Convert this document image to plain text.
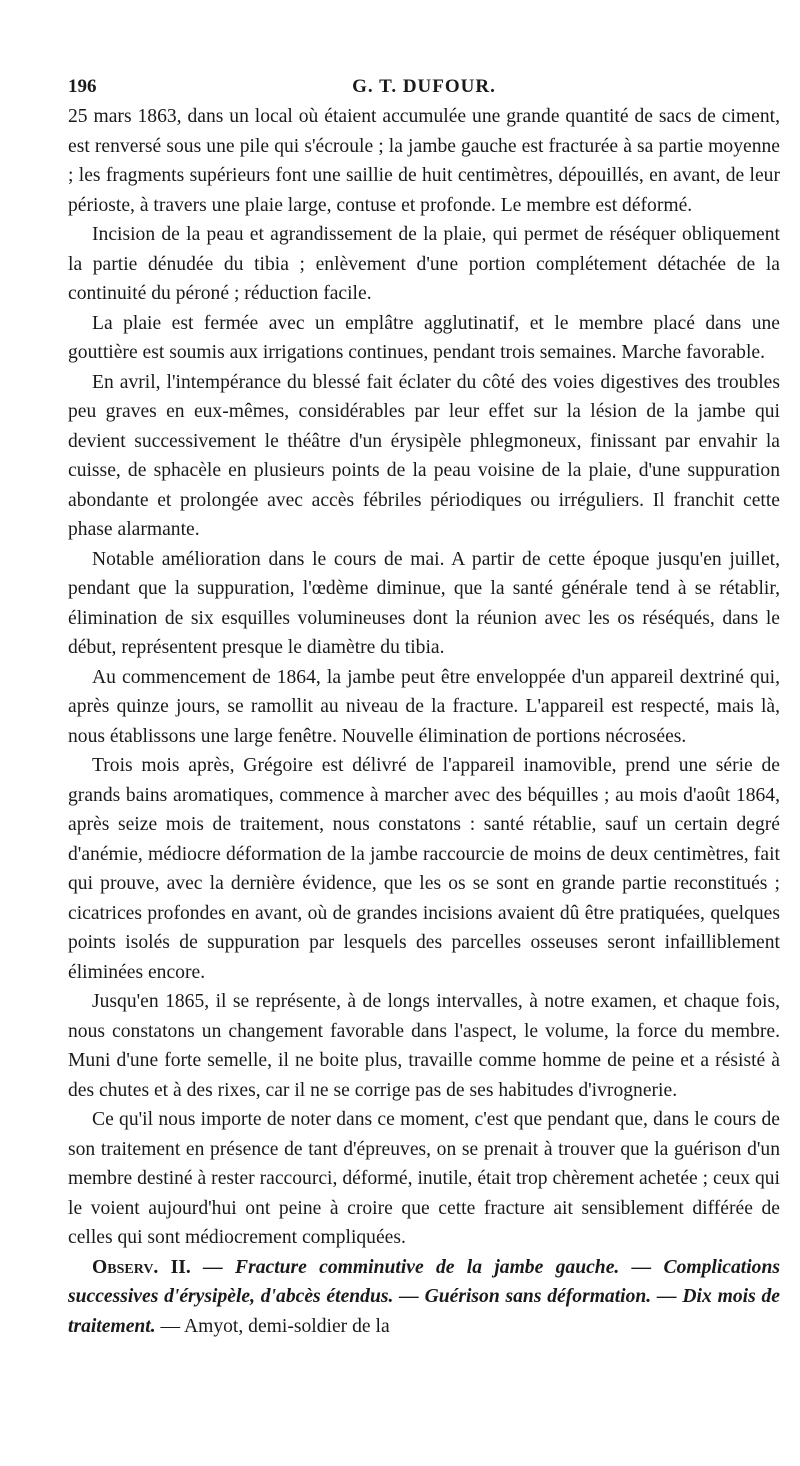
196	G. T. DUFOUR.

25 mars 1863, dans un local où étaient accumulée une grande quantité de sacs de ciment, est renversé sous une pile qui s'écroule ; la jambe gauche est fracturée à sa partie moyenne ; les fragments supérieurs font une saillie de huit centimètres, dépouillés, en avant, de leur périoste, à travers une plaie large, contuse et profonde. Le membre est déformé.

Incision de la peau et agrandissement de la plaie, qui permet de réséquer obliquement la partie dénudée du tibia ; enlèvement d'une portion complétement détachée de la continuité du péroné ; réduction facile.

La plaie est fermée avec un emplâtre agglutinatif, et le membre placé dans une gouttière est soumis aux irrigations continues, pendant trois semaines. Marche favorable.

En avril, l'intempérance du blessé fait éclater du côté des voies digestives des troubles peu graves en eux-mêmes, considérables par leur effet sur la lésion de la jambe qui devient successivement le théâtre d'un érysipèle phlegmoneux, finissant par envahir la cuisse, de sphacèle en plusieurs points de la peau voisine de la plaie, d'une suppuration abondante et prolongée avec accès fébriles périodiques ou irréguliers. Il franchit cette phase alarmante.

Notable amélioration dans le cours de mai. A partir de cette époque jusqu'en juillet, pendant que la suppuration, l'œdème diminue, que la santé générale tend à se rétablir, élimination de six esquilles volumineuses dont la réunion avec les os réséqués, dans le début, représentent presque le diamètre du tibia.

Au commencement de 1864, la jambe peut être enveloppée d'un appareil dextriné qui, après quinze jours, se ramollit au niveau de la fracture. L'appareil est respecté, mais là, nous établissons une large fenêtre. Nouvelle élimination de portions nécrosées.

Trois mois après, Grégoire est délivré de l'appareil inamovible, prend une série de grands bains aromatiques, commence à marcher avec des béquilles ; au mois d'août 1864, après seize mois de traitement, nous constatons : santé rétablie, sauf un certain degré d'anémie, médiocre déformation de la jambe raccourcie de moins de deux centimètres, fait qui prouve, avec la dernière évidence, que les os se sont en grande partie reconstitués ; cicatrices profondes en avant, où de grandes incisions avaient dû être pratiquées, quelques points isolés de suppuration par lesquels des parcelles osseuses seront infailliblement éliminées encore.

Jusqu'en 1865, il se représente, à de longs intervalles, à notre examen, et chaque fois, nous constatons un changement favorable dans l'aspect, le volume, la force du membre. Muni d'une forte semelle, il ne boite plus, travaille comme homme de peine et a résisté à des chutes et à des rixes, car il ne se corrige pas de ses habitudes d'ivrognerie.

Ce qu'il nous importe de noter dans ce moment, c'est que pendant que, dans le cours de son traitement en présence de tant d'épreuves, on se prenait à trouver que la guérison d'un membre destiné à rester raccourci, déformé, inutile, était trop chèrement achetée ; ceux qui le voient aujourd'hui ont peine à croire que cette fracture ait sensiblement différée de celles qui sont médiocrement compliquées.

Observ. II. — Fracture comminutive de la jambe gauche. — Complications successives d'érysipèle, d'abcès étendus. — Guérison sans déformation. — Dix mois de traitement. — Amyot, demi-soldier de la
